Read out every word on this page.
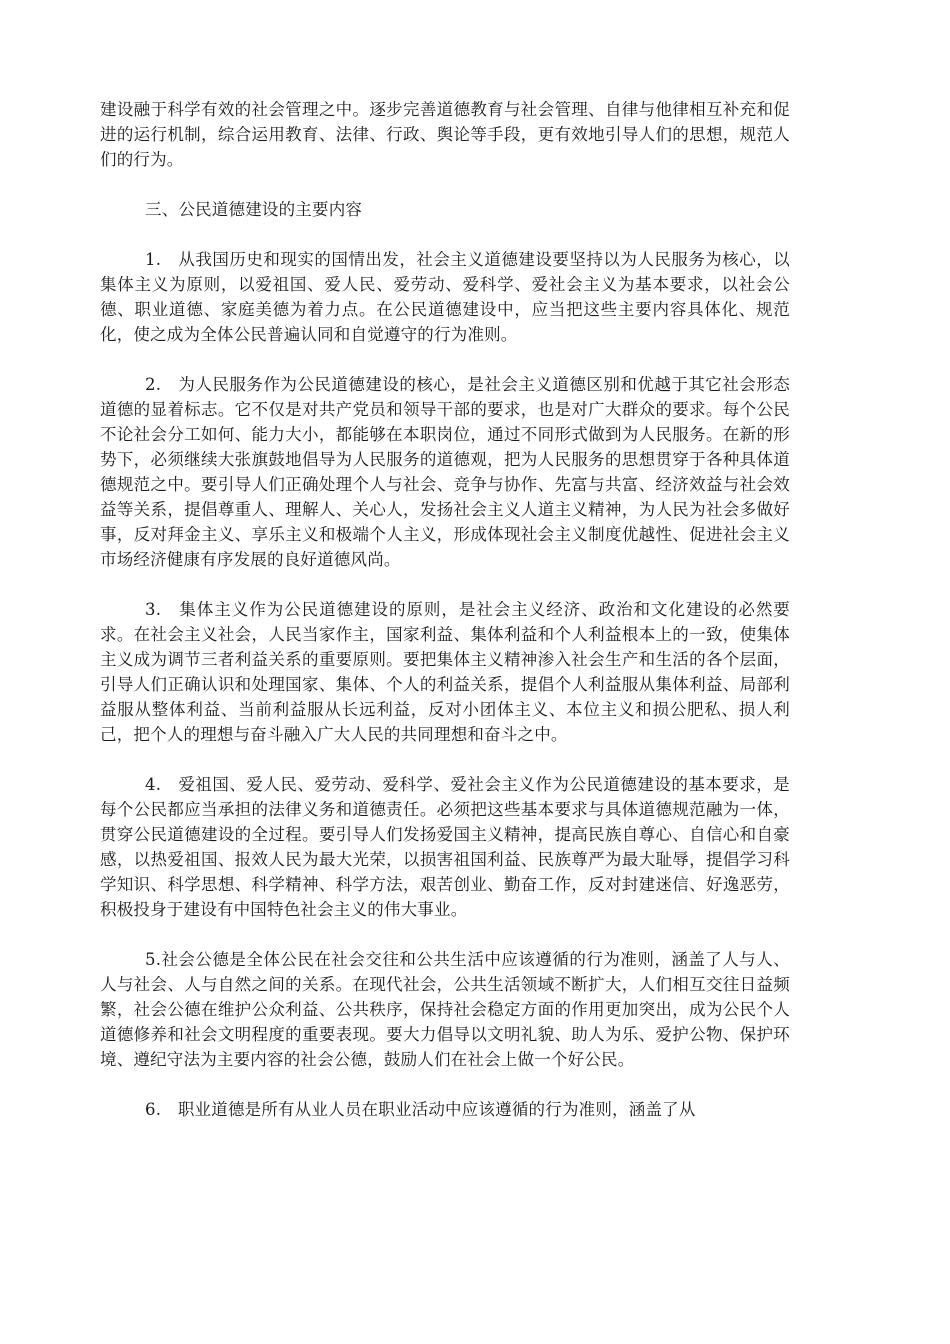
建设融于科学有效的社会管理之中。逐步完善道德教育与社会管理、自律与他律相互补充和促进的运行机制，综合运用教育、法律、行政、舆论等手段，更有效地引导人们的思想，规范人们的行为。

三、公民道德建设的主要内容

1.　从我国历史和现实的国情出发，社会主义道德建设要坚持以为人民服务为核心，以集体主义为原则，以爱祖国、爱人民、爱劳动、爱科学、爱社会主义为基本要求，以社会公德、职业道德、家庭美德为着力点。在公民道德建设中，应当把这些主要内容具体化、规范化，使之成为全体公民普遍认同和自觉遵守的行为准则。

2.　为人民服务作为公民道德建设的核心，是社会主义道德区别和优越于其它社会形态道德的显着标志。它不仅是对共产党员和领导干部的要求，也是对广大群众的要求。每个公民不论社会分工如何、能力大小，都能够在本职岗位，通过不同形式做到为人民服务。在新的形势下，必须继续大张旗鼓地倡导为人民服务的道德观，把为人民服务的思想贯穿于各种具体道德规范之中。要引导人们正确处理个人与社会、竞争与协作、先富与共富、经济效益与社会效益等关系，提倡尊重人、理解人、关心人，发扬社会主义人道主义精神，为人民为社会多做好事，反对拜金主义、享乐主义和极端个人主义，形成体现社会主义制度优越性、促进社会主义市场经济健康有序发展的良好道德风尚。

3.　集体主义作为公民道德建设的原则，是社会主义经济、政治和文化建设的必然要求。在社会主义社会，人民当家作主，国家利益、集体利益和个人利益根本上的一致，使集体主义成为调节三者利益关系的重要原则。要把集体主义精神渗入社会生产和生活的各个层面，引导人们正确认识和处理国家、集体、个人的利益关系，提倡个人利益服从集体利益、局部利益服从整体利益、当前利益服从长远利益，反对小团体主义、本位主义和损公肥私、损人利己，把个人的理想与奋斗融入广大人民的共同理想和奋斗之中。

4.　爱祖国、爱人民、爱劳动、爱科学、爱社会主义作为公民道德建设的基本要求，是每个公民都应当承担的法律义务和道德责任。必须把这些基本要求与具体道德规范融为一体，贯穿公民道德建设的全过程。要引导人们发扬爱国主义精神，提高民族自尊心、自信心和自豪感，以热爱祖国、报效人民为最大光荣，以损害祖国利益、民族尊严为最大耻辱，提倡学习科学知识、科学思想、科学精神、科学方法，艰苦创业、勤奋工作，反对封建迷信、好逸恶劳，积极投身于建设有中国特色社会主义的伟大事业。

5.社会公德是全体公民在社会交往和公共生活中应该遵循的行为准则，涵盖了人与人、人与社会、人与自然之间的关系。在现代社会，公共生活领域不断扩大，人们相互交往日益频繁，社会公德在维护公众利益、公共秩序，保持社会稳定方面的作用更加突出，成为公民个人道德修养和社会文明程度的重要表现。要大力倡导以文明礼貌、助人为乐、爱护公物、保护环境、遵纪守法为主要内容的社会公德，鼓励人们在社会上做一个好公民。

6.　职业道德是所有从业人员在职业活动中应该遵循的行为准则，涵盖了从
